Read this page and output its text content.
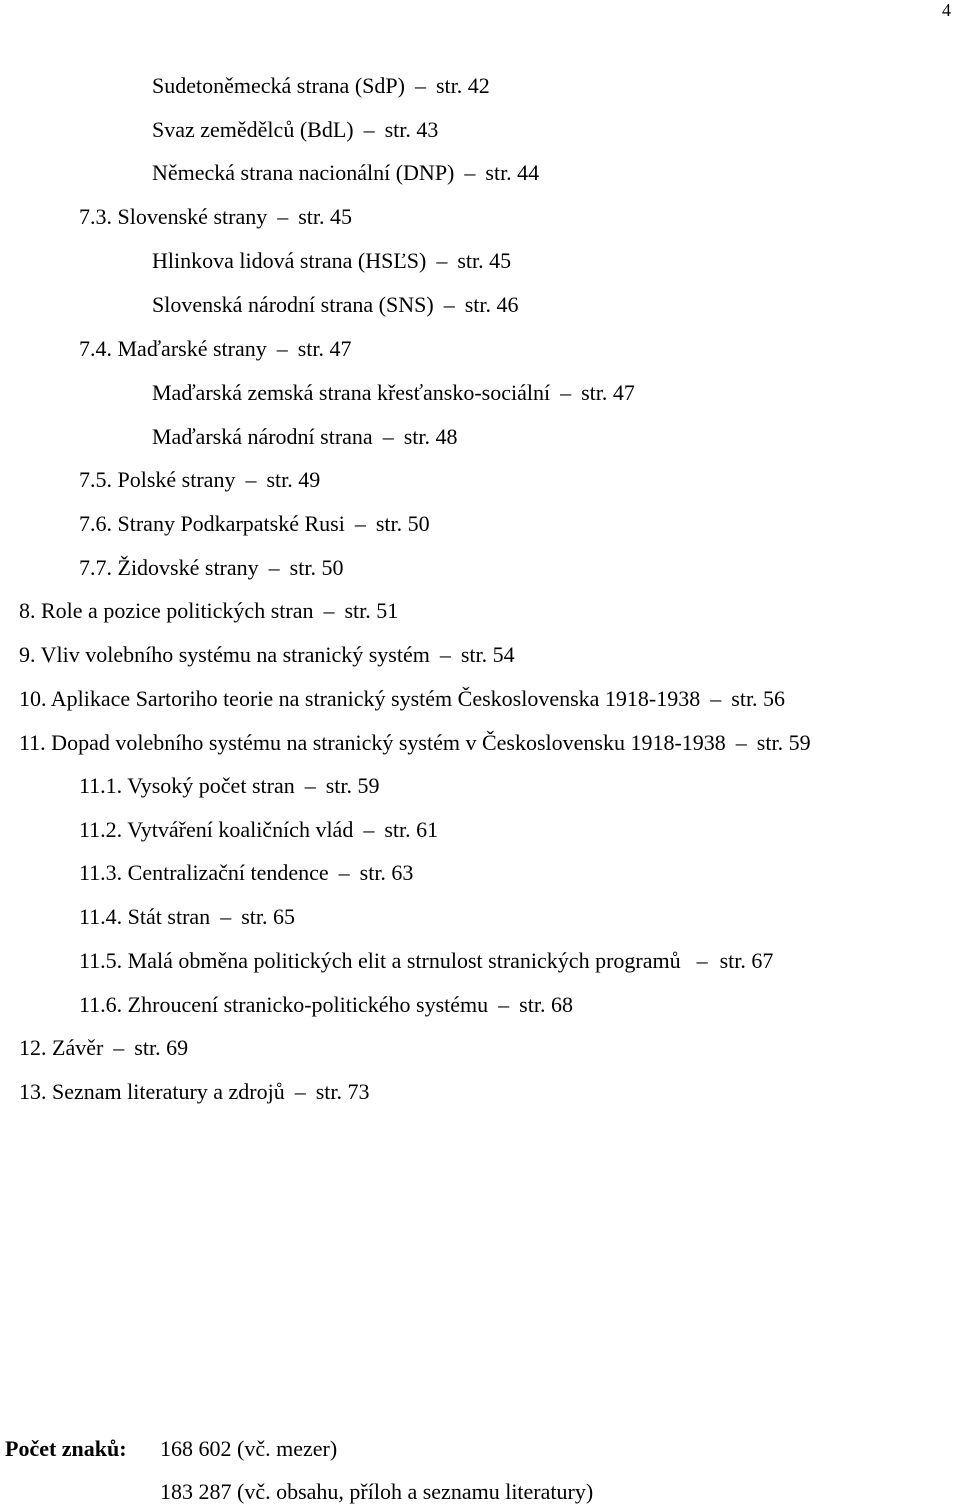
4
Sudetoněmecká strana (SdP) – str. 42
Svaz zemědělců (BdL) – str. 43
Německá strana nacionální (DNP) – str. 44
7.3. Slovenské strany – str. 45
Hlinkova lidová strana (HSĽS) – str. 45
Slovenská národní strana (SNS) – str. 46
7.4. Maďarské strany – str. 47
Maďarská zemská strana křesťansko-sociální – str. 47
Maďarská národní strana – str. 48
7.5. Polské strany – str. 49
7.6. Strany Podkarpatské Rusi – str. 50
7.7. Židovské strany – str. 50
8. Role a pozice politických stran – str. 51
9. Vliv volebního systému na stranický systém – str. 54
10. Aplikace Sartoriho teorie na stranický systém Československa 1918-1938 – str. 56
11. Dopad volebního systému na stranický systém v Československu 1918-1938 – str. 59
11.1. Vysoký počet stran – str. 59
11.2. Vytváření koaličních vlád – str. 61
11.3. Centralizační tendence – str. 63
11.4. Stát stran – str. 65
11.5. Malá obměna politických elit a strnulost stranických programů – str. 67
11.6. Zhroucení stranicko-politického systému – str. 68
12. Závěr – str. 69
13. Seznam literatury a zdrojů – str. 73
Počet znaků: 168 602 (vč. mezer)
183 287 (vč. obsahu, příloh a seznamu literatury)
